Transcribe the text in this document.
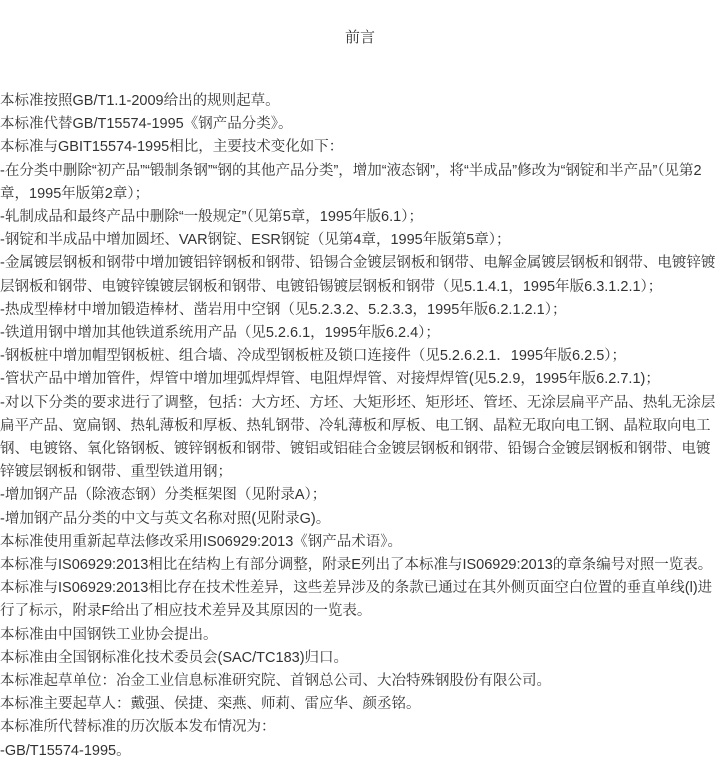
前言
本标准按照GB/T1.1-2009给出的规则起草。
本标准代替GB/T15574-1995《钢产品分类》。
本标准与GBIT15574-1995相比，主要技术变化如下：
-在分类中删除“初产品”“锻制条钢”“钢的其他产品分类”，增加“液态钢”，将“半成品”修改为“钢锭和半产品”（见第2章，1995年版第2章）；
-轧制成品和最终产品中删除“一般规定”（见第5章，1995年版6.1）；
-钢锭和半成品中增加圆坯、VAR钢锭、ESR钢锭（见第4章，1995年版第5章）；
-金属镀层钢板和钢带中增加镀铝锌钢板和钢带、铅锡合金镀层钢板和钢带、电解金属镀层钢板和钢带、电镀锌镀层钢板和钢带、电镀锌镍镀层钢板和钢带、电镀铅锡镀层钢板和钢带（见5.1.4.1，1995年版6.3.1.2.1）；
-热成型棒材中增加锻造棒材、凿岩用中空钢（见5.2.3.2、5.2.3.3，1995年版6.2.1.2.1）；
-铁道用钢中增加其他铁道系统用产品（见5.2.6.1，1995年版6.2.4）；
-钢板桩中增加帽型钢板桩、组合墙、冷成型钢板桩及锁口连接件（见5.2.6.2.1．1995年版6.2.5）；
-管状产品中增加管件，焊管中增加埋弧焊焊管、电阻焊焊管、对接焊焊管(见5.2.9，1995年版6.2.7.1)；
-对以下分类的要求进行了调整，包括：大方坯、方坯、大矩形坯、矩形坯、管坯、无涂层扁平产品、热轧无涂层扁平产品、宽扁钢、热轧薄板和厚板、热轧钢带、冷轧薄板和厚板、电工钢、晶粒无取向电工钢、晶粒取向电工钢、电镀铬、氧化铬钢板、镀锌钢板和钢带、镀铝或铝硅合金镀层钢板和钢带、铅锡合金镀层钢板和钢带、电镀锌镀层钢板和钢带、重型铁道用钢；
-增加钢产品（除液态钢）分类框架图（见附录A）；
-增加钢产品分类的中文与英文名称对照(见附录G)。
本标准使用重新起草法修改采用IS06929:2013《钢产品术语》。
本标准与IS06929:2013相比在结构上有部分调整，附录E列出了本标准与IS06929:2013的章条编号对照一览表。
本标准与IS06929:2013相比存在技术性差异，这些差异涉及的条款已通过在其外侧页面空白位置的垂直单线(l)进行了标示，附录F给出了相应技术差异及其原因的一览表。
本标准由中国钢铁工业协会提出。
本标准由全国钢标准化技术委员会(SAC/TC183)归口。
本标准起草单位：冶金工业信息标准研究院、首钢总公司、大冶特殊钢股份有限公司。
本标准主要起草人：戴强、侯捷、栾燕、师莉、雷应华、颜丞铭。
本标准所代替标准的历次版本发布情况为：
-GB/T15574-1995。
